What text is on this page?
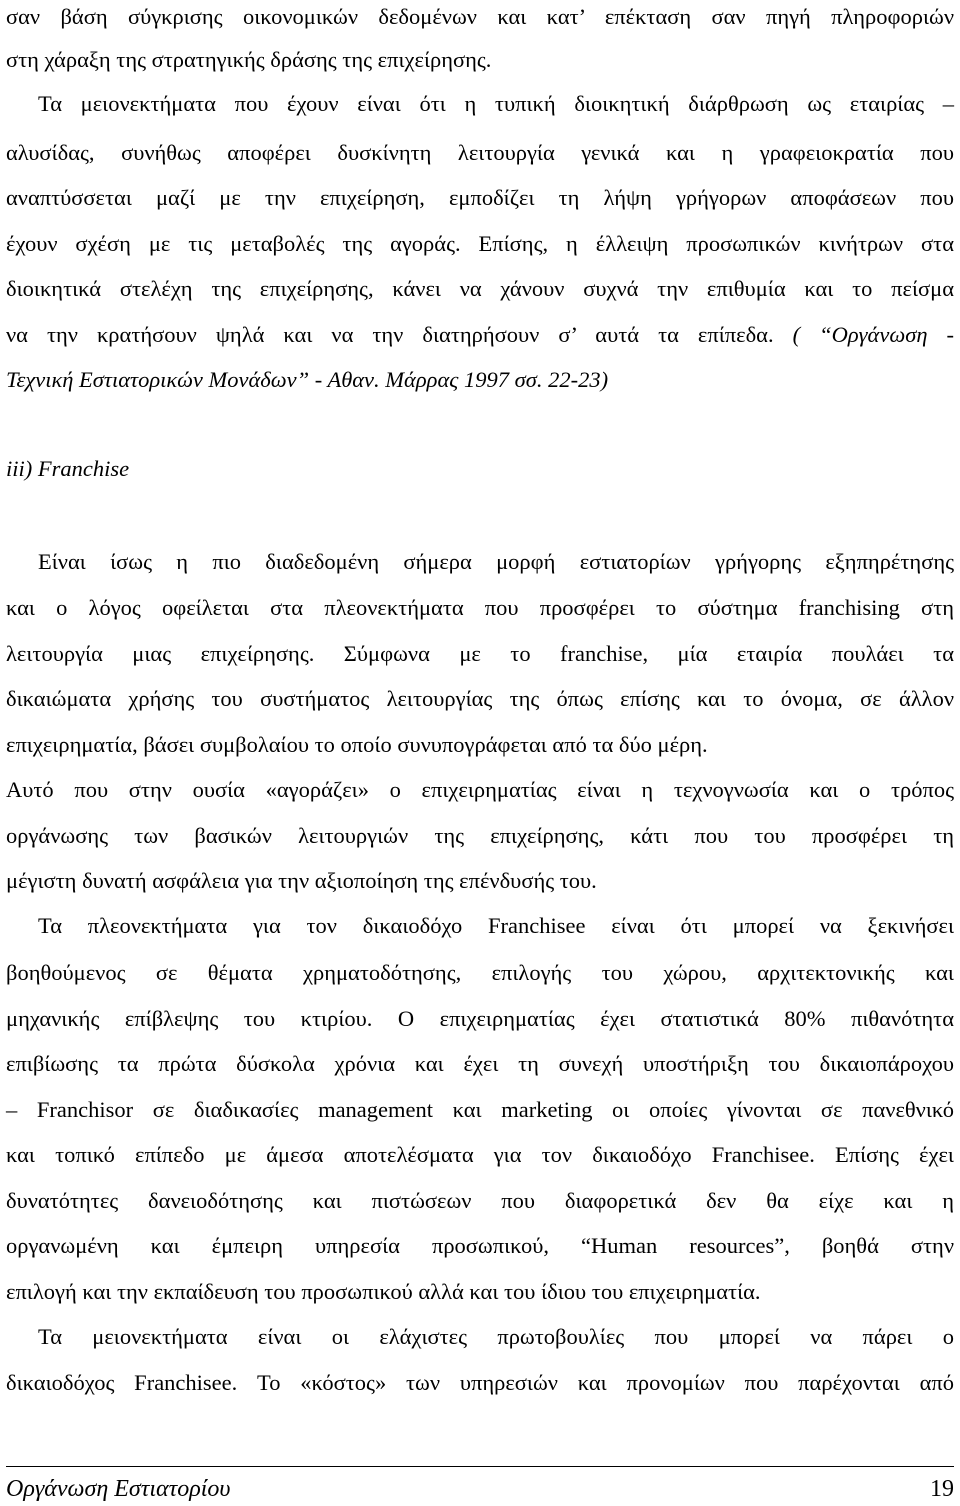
σαν βάση σύγκρισης οικονομικών δεδομένων και κατ’ επέκταση σαν πηγή πληροφοριών
στη χάραξη της στρατηγικής δράσης της επιχείρησης.
Τα μειονεκτήματα που έχουν είναι ότι η τυπική διοικητική διάρθρωση ως εταιρίας –
αλυσίδας, συνήθως αποφέρει δυσκίνητη λειτουργία γενικά και η γραφειοκρατία που
αναπτύσσεται μαζί με την επιχείρηση, εμποδίζει τη λήψη γρήγορων αποφάσεων που
έχουν σχέση με τις μεταβολές της αγοράς. Επίσης, η έλλειψη προσωπικών κινήτρων στα
διοικητικά στελέχη της επιχείρησης, κάνει να χάνουν συχνά την επιθυμία και το πείσμα
να την κρατήσουν ψηλά και να την διατηρήσουν σ’ αυτά τα επίπεδα. ( “Οργάνωση -
Τεχνική Εστιατορικών Μονάδων” - Αθαν. Μάρρας 1997 σσ. 22-23)
iii) Franchise
Είναι ίσως η πιο διαδεδομένη σήμερα μορφή εστιατορίων γρήγορης εξηπηρέτησης
και ο λόγος οφείλεται στα πλεονεκτήματα που προσφέρει το σύστημα franchising στη
λειτουργία μιας επιχείρησης. Σύμφωνα με το franchise, μία εταιρία πουλάει τα
δικαιώματα χρήσης του συστήματος λειτουργίας της όπως επίσης και το όνομα, σε άλλον
επιχειρηματία, βάσει συμβολαίου το οποίο συνυπογράφεται από τα δύο μέρη.
Αυτό που στην ουσία «αγοράζει» ο επιχειρηματίας είναι η τεχνογνωσία και ο τρόπος
οργάνωσης των βασικών λειτουργιών της επιχείρησης, κάτι που του προσφέρει τη
μέγιστη δυνατή ασφάλεια για την αξιοποίηση της επένδυσής του.
Τα πλεονεκτήματα για τον δικαιοδόχο Franchisee είναι ότι μπορεί να ξεκινήσει
βοηθούμενος σε θέματα χρηματοδότησης, επιλογής του χώρου, αρχιτεκτονικής και
μηχανικής επίβλεψης του κτιρίου. Ο επιχειρηματίας έχει στατιστικά 80% πιθανότητα
επιβίωσης τα πρώτα δύσκολα χρόνια και έχει τη συνεχή υποστήριξη του δικαιοπάροχου
– Franchisor σε διαδικασίες management και marketing οι οποίες γίνονται σε πανεθνικό
και τοπικό επίπεδο με άμεσα αποτελέσματα για τον δικαιοδόχο Franchisee. Επίσης έχει
δυνατότητες δανειοδότησης και πιστώσεων που διαφορετικά δεν θα είχε και η
οργανωμένη και έμπειρη υπηρεσία προσωπικού, “Human resources”, βοηθά στην
επιλογή και την εκπαίδευση του προσωπικού αλλά και του ίδιου του επιχειρηματία.
Τα μειονεκτήματα είναι οι ελάχιστες πρωτοβουλίες που μπορεί να πάρει ο
δικαιοδόχος Franchisee. Το «κόστος» των υπηρεσιών και προνομίων που παρέχονται από
Οργάνωση Εστιατορίου	19
